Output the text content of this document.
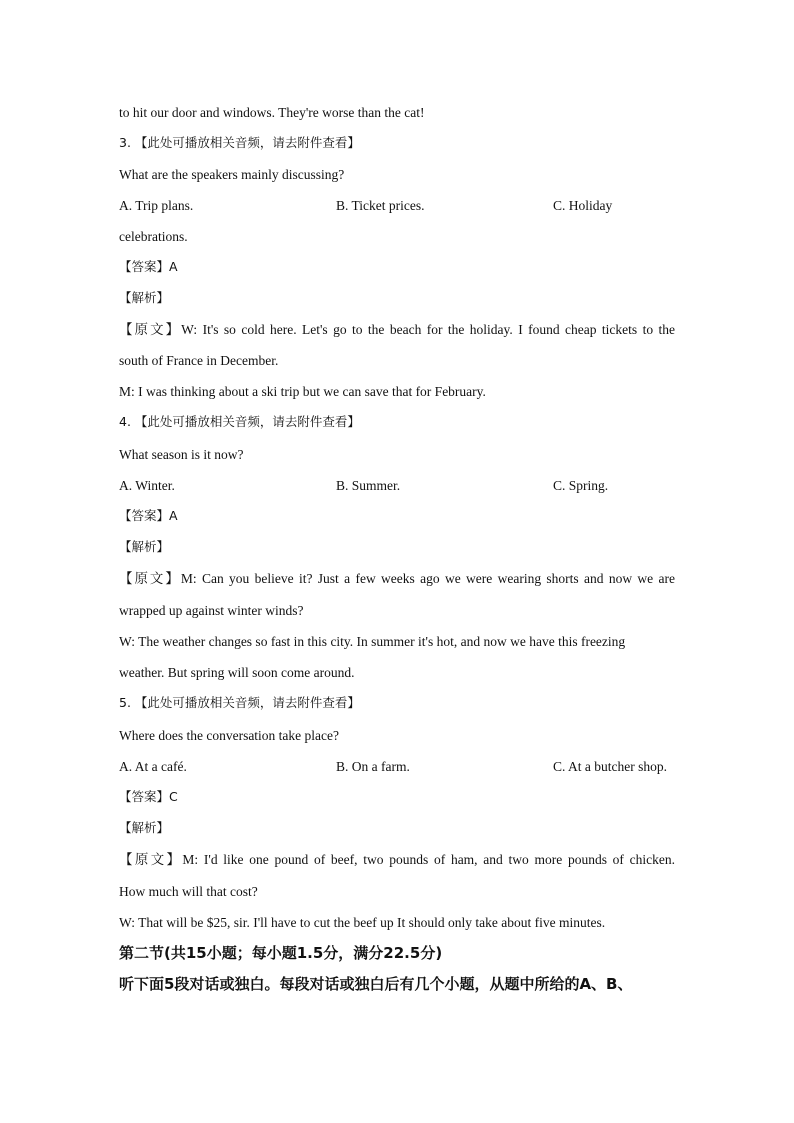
to hit our door and windows. They're worse than the cat!
3. 【此处可播放相关音频，请去附件查看】
What are the speakers mainly discussing?
A. Trip plans.	B. Ticket prices.	C. Holiday
celebrations.
【答案】A
【解析】
【原文】W: It's so cold here. Let's go to the beach for the holiday. I found cheap tickets to the
south of France in December.
M: I was thinking about a ski trip but we can save that for February.
4. 【此处可播放相关音频，请去附件查看】
What season is it now?
A. Winter.	B. Summer.	C. Spring.
【答案】A
【解析】
【原文】M: Can you believe it? Just a few weeks ago we were wearing shorts and now we are
wrapped up against winter winds?
W: The weather changes so fast in this city. In summer it's hot, and now we have this freezing
weather. But spring will soon come around.
5. 【此处可播放相关音频，请去附件查看】
Where does the conversation take place?
A. At a café.	B. On a farm.	C. At a butcher shop.
【答案】C
【解析】
【原文】M: I'd like one pound of beef, two pounds of ham, and two more pounds of chicken.
How much will that cost?
W: That will be $25, sir. I'll have to cut the beef up It should only take about five minutes.
第二节(共15小题；每小题1.5分，满分22.5分)
听下面5段对话或独白。每段对话或独白后有几个小题，从题中所给的A、B、
